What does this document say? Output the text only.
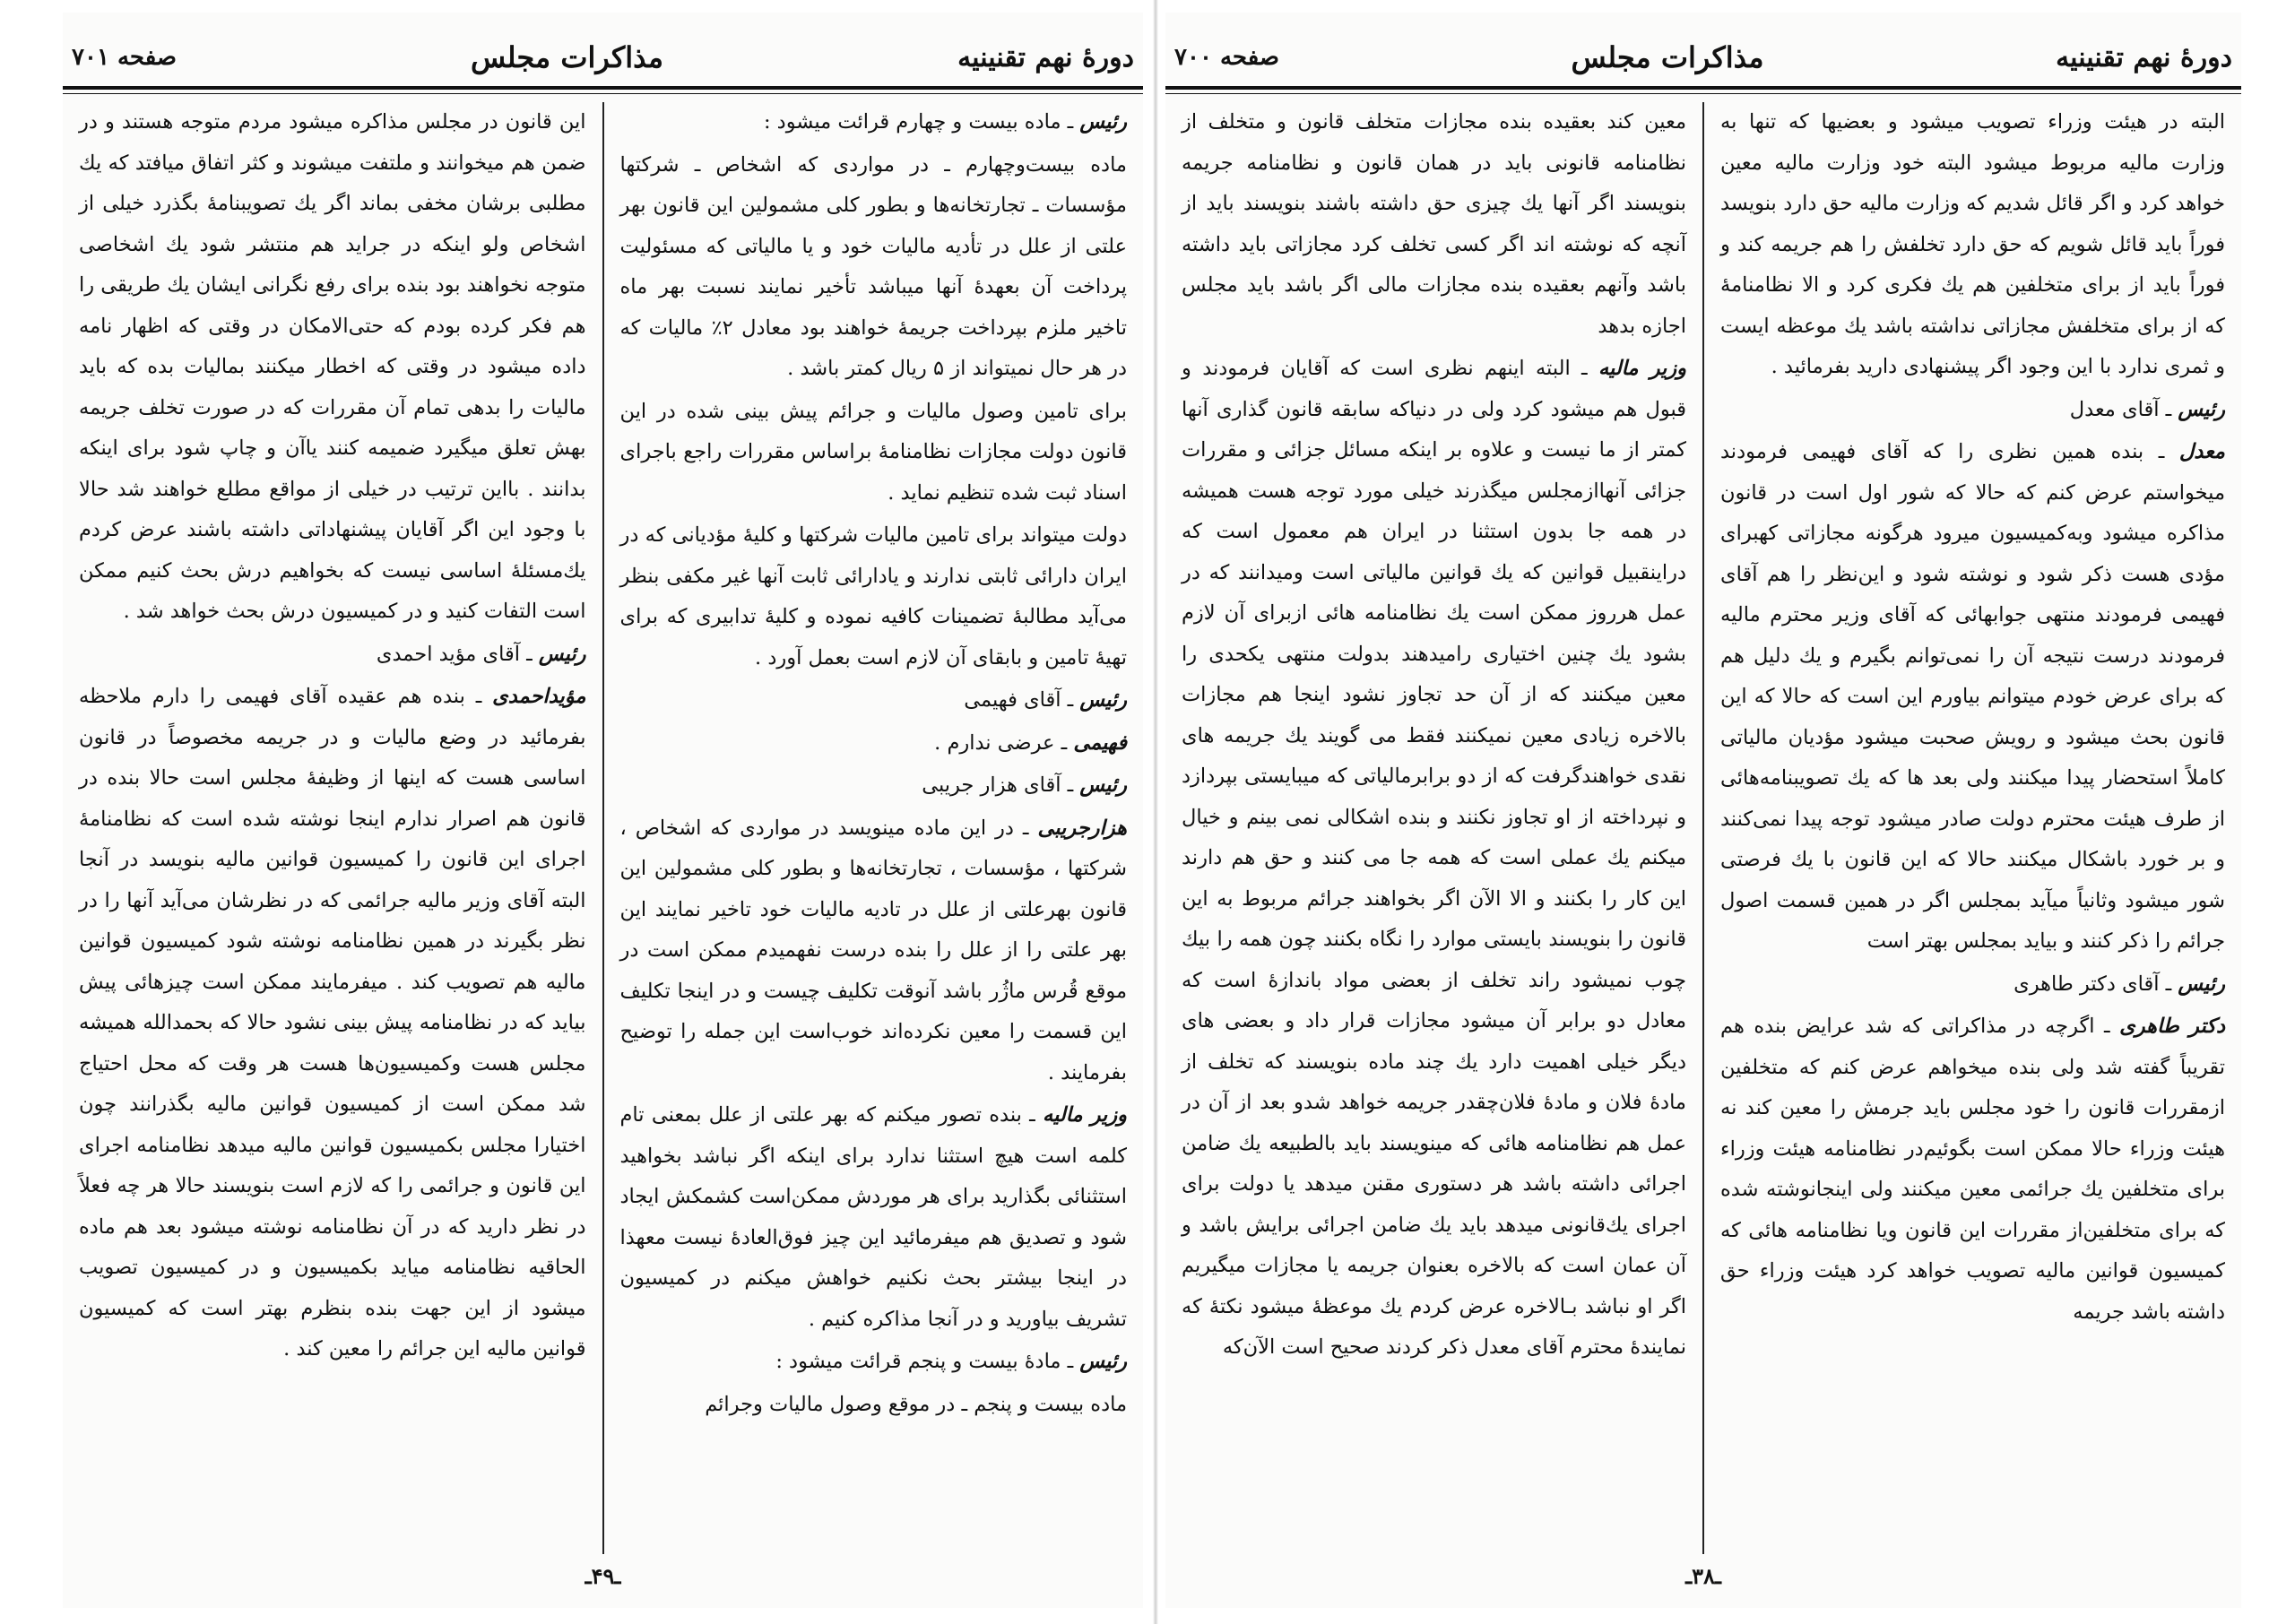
دورهٔ نهم تقنینیه
مذاکرات مجلس
صفحه ۷۰۱
رئیس ـ ماده بیست و چهارم قرائت میشود :
ماده بیست‌وچهارم ـ در مواردی که اشخاص ـ شرکتها مؤسسات ـ تجارتخانه‌ها و بطور کلی مشمولین این قانون بهر علتی از علل در تأدیه مالیات خود و یا مالیاتی که مسئولیت پرداخت آن بعهدهٔ آنها میباشد تأخیر نمایند نسبت بهر ماه تاخیر ملزم بپرداخت جریمهٔ خواهند بود معادل ۲٪ مالیات که در هر حال نمیتواند از ۵ ریال کمتر باشد .
برای تامین وصول مالیات و جرائم پیش بینی شده در این قانون دولت مجازات نظامنامهٔ براساس مقررات راجع باجرای اسناد ثبت شده تنظیم نماید .
دولت میتواند برای تامین مالیات شرکتها و کلیهٔ مؤدیانی که در ایران دارائی ثابتی ندارند و یادارائی ثابت آنها غیر مکفی بنظر می‌آید مطالبهٔ تضمینات کافیه نموده و کلیهٔ تدابیری که برای تهیهٔ تامین و بابقای آن لازم است بعمل آورد .
رئیس ـ آقای فهیمی
فهیمی ـ عرضی ندارم .
رئیس ـ آقای هزار جریبی
هزارجریبی ـ در این ماده مینویسد در مواردی که اشخاص ، شرکتها ، مؤسسات ، تجارتخانه‌ها و بطور کلی مشمولین این قانون بهرعلتی از علل در تادیه مالیات خود تاخیر نمایند این بهر علتی را از علل را بنده درست نفهمیدم ممکن است در موقع قُرس ماژُر باشد آنوقت تکلیف چیست و در اینجا تکلیف این قسمت را معین نکرده‌اند خوب‌است این جمله را توضیح بفرمایند .
وزیر مالیه ـ بنده تصور میکنم که بهر علتی از علل بمعنی تام کلمه است هیچ استثنا ندارد برای اینکه اگر نباشد بخواهید استثنائی بگذارید برای هر موردش ممکن‌است کشمکش ایجاد شود و تصدیق هم میفرمائید این چیز فوق‌العادهٔ نیست معهذا در اینجا بیشتر بحث نکنیم خواهش میکنم در کمیسیون تشریف بیاورید و در آنجا مذاکره کنیم .
رئیس ـ مادهٔ بیست و پنجم قرائت میشود :
ماده بیست و پنجم ـ در موقع وصول مالیات وجرائم
این قانون در مجلس مذاکره میشود مردم متوجه هستند و در ضمن هم میخوانند و ملتفت میشوند و کثر اتفاق میافتد که یك مطلبی برشان مخفی بماند اگر یك تصویبنامهٔ بگذرد خیلی از اشخاص ولو اینکه در جراید هم منتشر شود یك اشخاصی متوجه نخواهند بود بنده برای رفع نگرانی ایشان یك طریقی را هم فکر کرده بودم که حتی‌الامکان در وقتی که اظهار نامه داده میشود در وقتی که اخطار میکنند بمالیات بده که باید مالیات را بدهی تمام آن مقررات که در صورت تخلف جریمه بهش تعلق میگیرد ضمیمه کنند یاآن و چاپ شود برای اینکه بدانند . بااین ترتیب در خیلی از مواقع مطلع خواهند شد حالا با وجود این اگر آقایان پیشنهاداتی داشته باشند عرض کردم یك‌مسئلهٔ اساسی نیست که بخواهیم درش بحث کنیم ممکن است التفات کنید و در کمیسیون درش بحث خواهد شد .
رئیس ـ آقای مؤید احمدی
مؤیداحمدی ـ بنده هم عقیده آقای فهیمی را دارم ملاحظه بفرمائید در وضع مالیات و در جریمه مخصوصاً در قانون اساسی هست که اینها از وظیفهٔ مجلس است حالا بنده در قانون هم اصرار ندارم اینجا نوشته شده است که نظامنامهٔ اجرای این قانون را کمیسیون قوانین مالیه بنویسد در آنجا البته آقای وزیر مالیه جرائمی که در نظرشان می‌آید آنها را در نظر بگیرند در همین نظامنامه نوشته شود کمیسیون قوانین مالیه هم تصویب کند . میفرمایند ممکن است چیزهائی پیش بیاید که در نظامنامه پیش بینی نشود حالا که بحمدالله همیشه مجلس هست وکمیسیون‌ها هست هر وقت که محل احتیاج شد ممکن است از کمیسیون قوانین مالیه بگذرانند چون اختیارا مجلس بکمیسیون قوانین مالیه میدهد نظامنامه اجرای این قانون و جرائمی را که لازم است بنویسند حالا هر چه فعلاً در نظر دارید که در آن نظامنامه نوشته میشود بعد هم ماده الحاقیه نظامنامه میاید بکمیسیون و در کمیسیون تصویب میشود از این جهت بنده بنظرم بهتر است که کمیسیون قوانین مالیه این جرائم را معین کند .
ـ۴۹ـ
دورهٔ نهم تقنینیه
مذاکرات مجلس
صفحه ۷۰۰
البته در هیئت وزراء تصویب میشود و بعضیها که تنها به وزارت مالیه مربوط میشود البته خود وزارت مالیه معین خواهد کرد و اگر قائل شدیم که وزارت مالیه حق دارد بنویسد فوراً باید قائل شویم که حق دارد تخلفش را هم جریمه کند و فوراً باید از برای متخلفین هم یك فکری کرد و الا نظامنامهٔ که از برای متخلفش مجازاتی نداشته باشد یك موعظه ایست و ثمری ندارد با این وجود اگر پیشنهادی دارید بفرمائید .
رئیس ـ آقای معدل
معدل ـ بنده همین نظری را که آقای فهیمی فرمودند میخواستم عرض کنم که حالا که شور اول است در قانون مذاکره میشود وبه‌کمیسیون میرود هرگونه مجازاتی کهبرای مؤدی هست ذکر شود و نوشته شود و این‌نظر را هم آقای فهیمی فرمودند منتهی جوابهائی که آقای وزیر محترم مالیه فرمودند درست نتیجه ‌آن را نمی‌توانم بگیرم و یك دلیل هم که برای عرض خودم میتوانم بیاورم این است که حالا که این قانون بحث میشود و رویش صحبت میشود مؤدیان مالیاتی کاملاً استحضار پیدا میکنند ولی بعد ها که یك تصویبنامه‌هائی از طرف هیئت محترم دولت صادر میشود توجه پیدا نمی‌کنند و بر خورد باشکال میکنند حالا که این قانون با یك فرصتی شور میشود وثانیاً میآید بمجلس اگر در همین قسمت اصول جرائم را ذکر کنند و بیاید بمجلس بهتر است
رئیس ـ آقای دکتر طاهری
دکتر طاهری ـ اگرچه در مذاکراتی که شد عرایض بنده هم تقریباً گفته شد ولی بنده میخواهم عرض کنم که متخلفین ازمقررات قانون را خود مجلس باید جرمش را معین کند نه هیئت وزراء حالا ممکن است بگوئیم‌در نظامنامه هیئت وزراء برای متخلفین یك جرائمی معین میکنند ولی اینجانوشته شده که برای متخلفین‌از مقررات این قانون ویا نظامنامه هائی که کمیسیون قوانین مالیه تصویب خواهد کرد هیئت وزراء حق داشته باشد جریمه
معین کند بعقیده بنده مجازات متخلف قانون و متخلف از نظامنامه قانونی باید در همان قانون و نظامنامه جریمه بنویسند اگر آنها یك چیزی حق داشته باشند بنویسند باید از آنچه که نوشته اند اگر کسی تخلف کرد مجازاتی باید داشته باشد وآنهم بعقیده بنده مجازات مالی اگر باشد باید مجلس اجازه بدهد
وزیر مالیه ـ البته اینهم نظری است که آقایان فرمودند و قبول هم میشود کرد ولی در دنیاکه سابقه قانون گذاری آنها کمتر از ما نیست و علاوه بر اینکه مسائل جزائی و مقررات جزائی آنهاازمجلس میگذرند خیلی مورد توجه هست همیشه در همه جا بدون استثنا در ایران هم معمول است که دراینقبیل قوانین که یك قوانین مالیاتی است ومیدانند که در عمل هرروز ممکن است یك نظامنامه هائی ازبرای آن لازم بشود یك چنین اختیاری رامیدهند بدولت منتهی یكحدی را معین میکنند که از آن حد تجاوز نشود اینجا هم مجازات بالاخره زیادی معین نمیکنند فقط می گویند یك جریمه های نقدی خواهندگرفت که از دو برابرمالیاتی که میبایستی بپردازد و نپرداخته از او تجاوز نکنند و بنده اشکالی نمی بینم و خیال میکنم یك عملی است که همه جا می کنند و حق هم دارند این کار را بکنند و الا الآن اگر بخواهند جرائم مربوط به این قانون را بنویسند بایستی موارد را نگاه بکنند چون همه را بیك چوب نمیشود راند تخلف از بعضی مواد باندازهٔ است که معادل دو برابر آن میشود مجازات قرار داد و بعضی های دیگر خیلی اهمیت دارد یك چند ماده بنویسند که تخلف از مادهٔ فلان و مادهٔ فلان‌چقدر جریمه خواهد شدو بعد از آن در عمل هم نظامنامه هائی که مینویسند باید بالطبیعه یك ضامن اجرائی داشته باشد هر دستوری مقنن میدهد یا دولت برای اجرای یك‌قانونی میدهد باید یك ضامن اجرائی برایش باشد و آن عمان است که بالاخره بعنوان جریمه یا مجازات میگیریم اگر او نباشد بـالاخره عرض کردم یك موعظهٔ میشود نکتهٔ که نمایندهٔ محترم آقای معدل ذکر کردند صحیح است الآن‌که
ـ۳۸ـ
